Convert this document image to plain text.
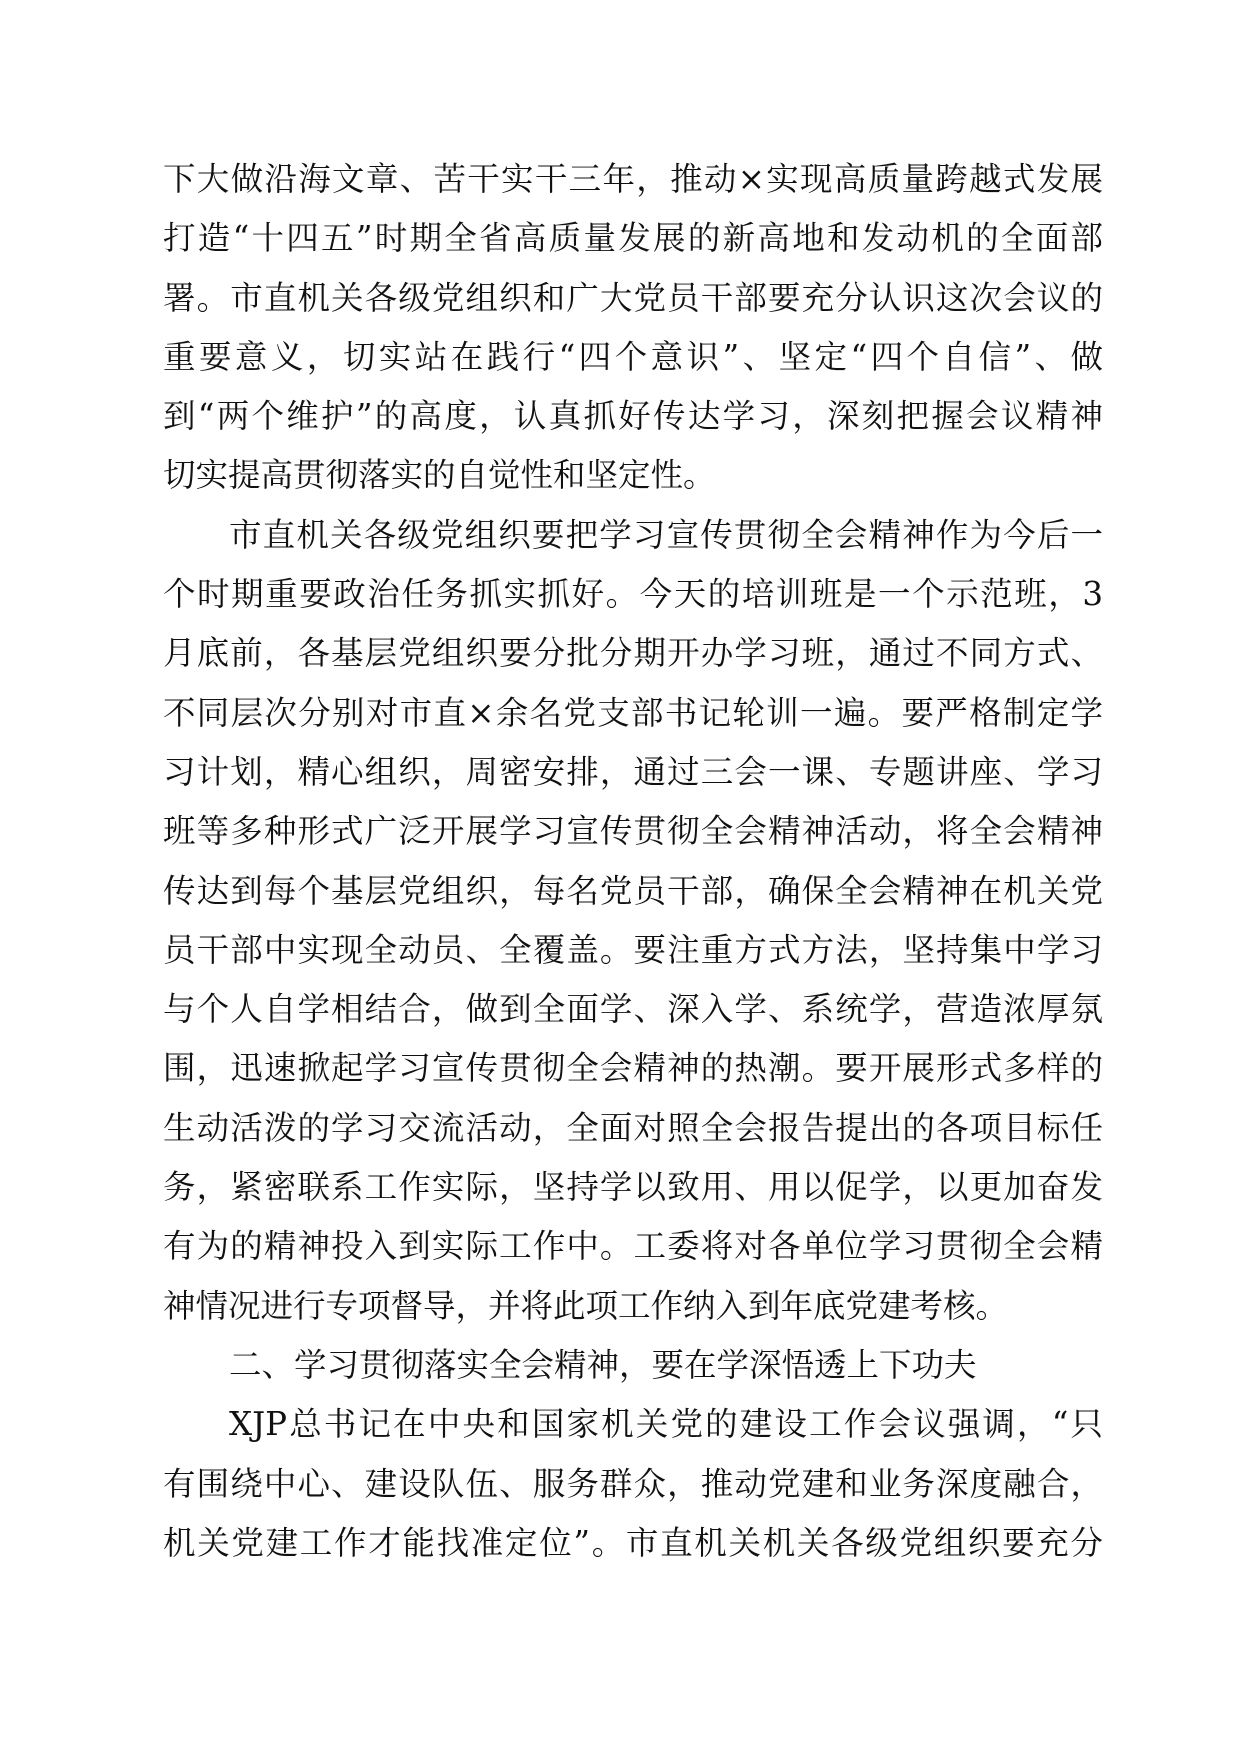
下大做沿海文章、苦干实干三年，推动×实现高质量跨越式发展
打造“十四五”时期全省高质量发展的新高地和发动机的全面部
署。市直机关各级党组织和广大党员干部要充分认识这次会议的
重要意义，切实站在践行“四个意识”、坚定“四个自信”、做
到“两个维护”的高度，认真抓好传达学习，深刻把握会议精神
切实提高贯彻落实的自觉性和坚定性。
市直机关各级党组织要把学习宣传贯彻全会精神作为今后一
个时期重要政治任务抓实抓好。今天的培训班是一个示范班，3
月底前，各基层党组织要分批分期开办学习班，通过不同方式、
不同层次分别对市直×余名党支部书记轮训一遍。要严格制定学
习计划，精心组织，周密安排，通过三会一课、专题讲座、学习
班等多种形式广泛开展学习宣传贯彻全会精神活动，将全会精神
传达到每个基层党组织，每名党员干部，确保全会精神在机关党
员干部中实现全动员、全覆盖。要注重方式方法，坚持集中学习
与个人自学相结合，做到全面学、深入学、系统学，营造浓厚氛
围，迅速掀起学习宣传贯彻全会精神的热潮。要开展形式多样的
生动活泼的学习交流活动，全面对照全会报告提出的各项目标任
务，紧密联系工作实际，坚持学以致用、用以促学，以更加奋发
有为的精神投入到实际工作中。工委将对各单位学习贯彻全会精
神情况进行专项督导，并将此项工作纳入到年底党建考核。
二、学习贯彻落实全会精神，要在学深悟透上下功夫
XJP总书记在中央和国家机关党的建设工作会议强调，“只
有围绕中心、建设队伍、服务群众，推动党建和业务深度融合，
机关党建工作才能找准定位”。市直机关机关各级党组织要充分
